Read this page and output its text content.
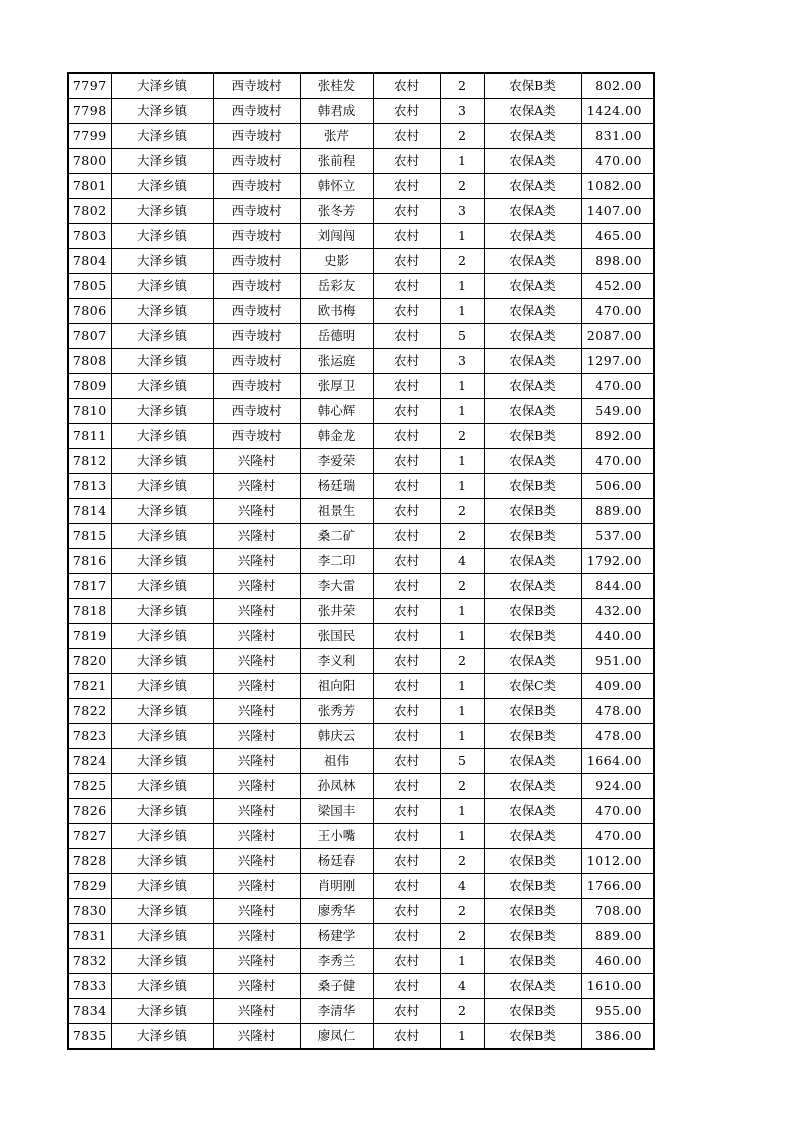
7797	大泽乡镇	西寺坡村	张桂发	农村	2	农保B类	802.00
7798	大泽乡镇	西寺坡村	韩君成	农村	3	农保A类	1424.00
7799	大泽乡镇	西寺坡村	张芹	农村	2	农保A类	831.00
7800	大泽乡镇	西寺坡村	张前程	农村	1	农保A类	470.00
7801	大泽乡镇	西寺坡村	韩怀立	农村	2	农保A类	1082.00
7802	大泽乡镇	西寺坡村	张冬芳	农村	3	农保A类	1407.00
7803	大泽乡镇	西寺坡村	刘闯闯	农村	1	农保A类	465.00
7804	大泽乡镇	西寺坡村	史影	农村	2	农保A类	898.00
7805	大泽乡镇	西寺坡村	岳彩友	农村	1	农保A类	452.00
7806	大泽乡镇	西寺坡村	欧书梅	农村	1	农保A类	470.00
7807	大泽乡镇	西寺坡村	岳德明	农村	5	农保A类	2087.00
7808	大泽乡镇	西寺坡村	张运庭	农村	3	农保A类	1297.00
7809	大泽乡镇	西寺坡村	张厚卫	农村	1	农保A类	470.00
7810	大泽乡镇	西寺坡村	韩心辉	农村	1	农保A类	549.00
7811	大泽乡镇	西寺坡村	韩金龙	农村	2	农保B类	892.00
7812	大泽乡镇	兴隆村	李爱荣	农村	1	农保A类	470.00
7813	大泽乡镇	兴隆村	杨廷瑞	农村	1	农保B类	506.00
7814	大泽乡镇	兴隆村	祖景生	农村	2	农保B类	889.00
7815	大泽乡镇	兴隆村	桑二矿	农村	2	农保B类	537.00
7816	大泽乡镇	兴隆村	李二印	农村	4	农保A类	1792.00
7817	大泽乡镇	兴隆村	李大雷	农村	2	农保A类	844.00
7818	大泽乡镇	兴隆村	张井荣	农村	1	农保B类	432.00
7819	大泽乡镇	兴隆村	张国民	农村	1	农保B类	440.00
7820	大泽乡镇	兴隆村	李义利	农村	2	农保A类	951.00
7821	大泽乡镇	兴隆村	祖向阳	农村	1	农保C类	409.00
7822	大泽乡镇	兴隆村	张秀芳	农村	1	农保B类	478.00
7823	大泽乡镇	兴隆村	韩庆云	农村	1	农保B类	478.00
7824	大泽乡镇	兴隆村	祖伟	农村	5	农保A类	1664.00
7825	大泽乡镇	兴隆村	孙凤林	农村	2	农保A类	924.00
7826	大泽乡镇	兴隆村	梁国丰	农村	1	农保A类	470.00
7827	大泽乡镇	兴隆村	王小嘴	农村	1	农保A类	470.00
7828	大泽乡镇	兴隆村	杨廷春	农村	2	农保B类	1012.00
7829	大泽乡镇	兴隆村	肖明刚	农村	4	农保B类	1766.00
7830	大泽乡镇	兴隆村	廖秀华	农村	2	农保B类	708.00
7831	大泽乡镇	兴隆村	杨建学	农村	2	农保B类	889.00
7832	大泽乡镇	兴隆村	李秀兰	农村	1	农保B类	460.00
7833	大泽乡镇	兴隆村	桑子健	农村	4	农保A类	1610.00
7834	大泽乡镇	兴隆村	李清华	农村	2	农保B类	955.00
7835	大泽乡镇	兴隆村	廖凤仁	农村	1	农保B类	386.00
